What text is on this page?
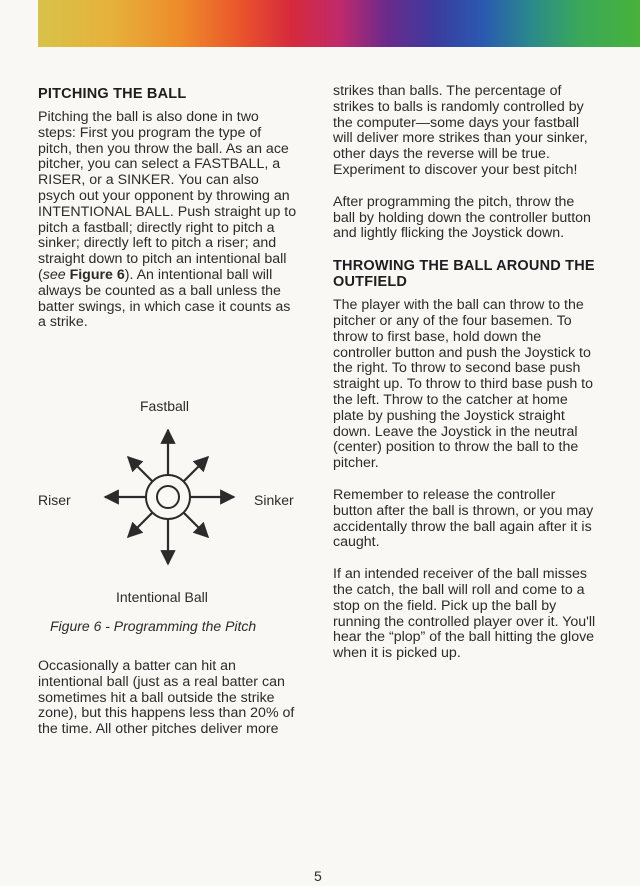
PITCHING THE BALL

Pitching the ball is also done in two steps: First you program the type of pitch, then you throw the ball. As an ace pitcher, you can select a FASTBALL, a RISER, or a SINKER. You can also psych out your opponent by throwing an INTENTIONAL BALL. Push straight up to pitch a fastball; directly right to pitch a sinker; directly left to pitch a riser; and straight down to pitch an intentional ball (see Figure 6). An intentional ball will always be counted as a ball unless the batter swings, in which case it counts as a strike.

Fastball
Riser	Sinker
Intentional Ball
Figure 6 - Programming the Pitch

Occasionally a batter can hit an intentional ball (just as a real batter can sometimes hit a ball outside the strike zone), but this happens less than 20% of the time. All other pitches deliver more

strikes than balls. The percentage of strikes to balls is randomly controlled by the computer—some days your fastball will deliver more strikes than your sinker, other days the reverse will be true. Experiment to discover your best pitch!

After programming the pitch, throw the ball by holding down the controller button and lightly flicking the Joystick down.

THROWING THE BALL AROUND THE OUTFIELD

The player with the ball can throw to the pitcher or any of the four basemen. To throw to first base, hold down the controller button and push the Joystick to the right. To throw to second base push straight up. To throw to third base push to the left. Throw to the catcher at home plate by pushing the Joystick straight down. Leave the Joystick in the neutral (center) position to throw the ball to the pitcher.

Remember to release the controller button after the ball is thrown, or you may accidentally throw the ball again after it is caught.

If an intended receiver of the ball misses the catch, the ball will roll and come to a stop on the field. Pick up the ball by running the controlled player over it. You'll hear the “plop” of the ball hitting the glove when it is picked up.

5
